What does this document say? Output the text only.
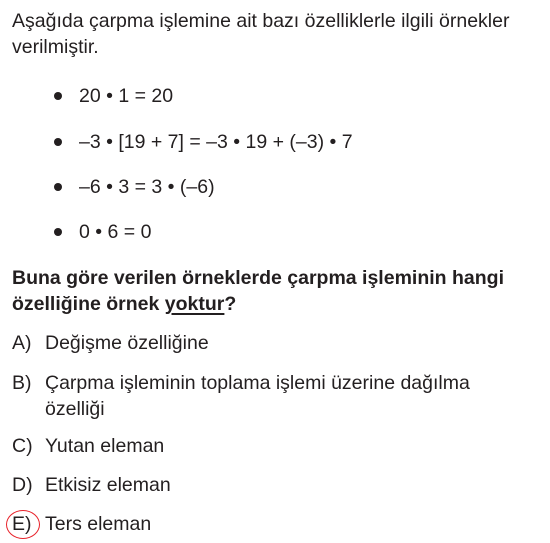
Aşağıda çarpma işlemine ait bazı özelliklerle ilgili örnekler verilmiştir.

20 • 1 = 20
–3 • [19 + 7] = –3 • 19 + (–3) • 7
–6 • 3 = 3 • (–6)
0 • 6 = 0

Buna göre verilen örneklerde çarpma işleminin hangi özelliğine örnek yoktur?

A) Değişme özelliğine
B) Çarpma işleminin toplama işlemi üzerine dağılma özelliği
C) Yutan eleman
D) Etkisiz eleman
E) Ters eleman
